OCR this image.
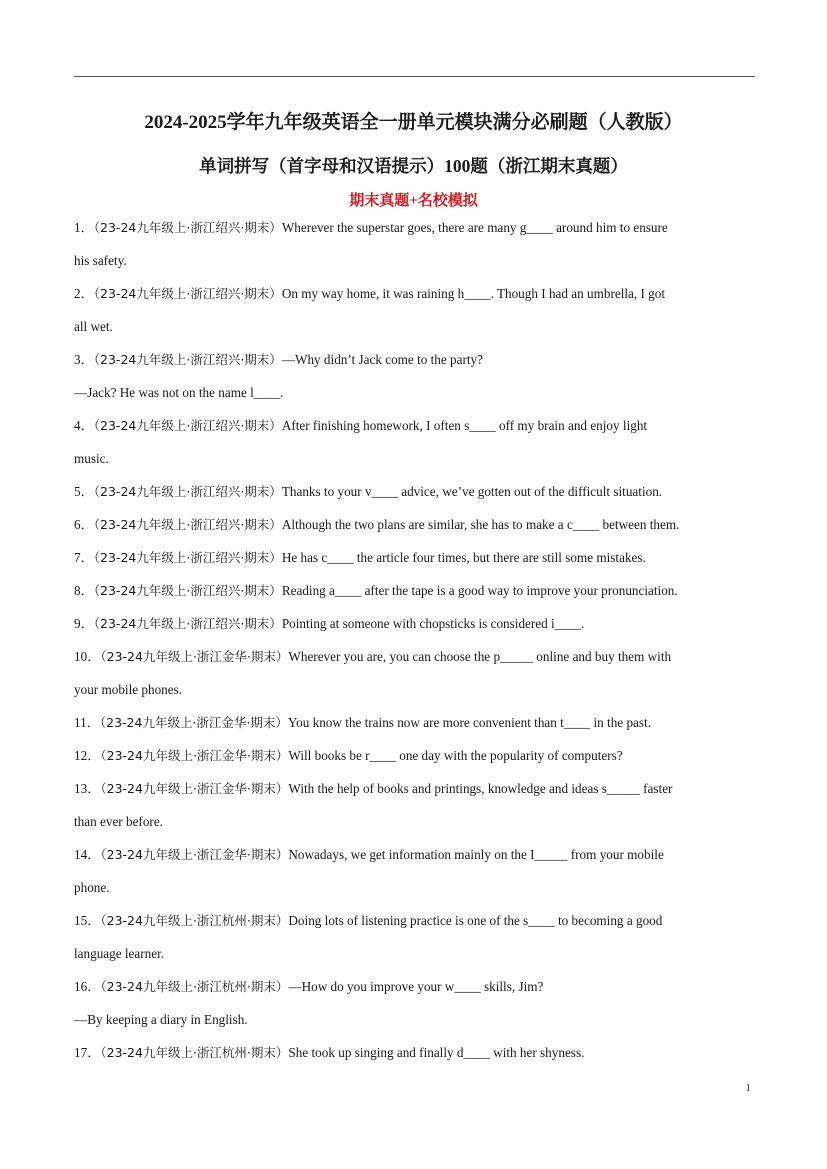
2024-2025学年九年级英语全一册单元模块满分必刷题（人教版）
单词拼写（首字母和汉语提示）100题（浙江期末真题）
期末真题+名校模拟
1．（23-24九年级上·浙江绍兴·期末）Wherever the superstar goes, there are many g____ around him to ensure
his safety.
2．（23-24九年级上·浙江绍兴·期末）On my way home, it was raining h____. Though I had an umbrella, I got
all wet.
3．（23-24九年级上·浙江绍兴·期末）—Why didn’t Jack come to the party?
—Jack? He was not on the name l____.
4．（23-24九年级上·浙江绍兴·期末）After finishing homework, I often s____ off my brain and enjoy light
music.
5．（23-24九年级上·浙江绍兴·期末）Thanks to your v____ advice, we’ve gotten out of the difficult situation.
6．（23-24九年级上·浙江绍兴·期末）Although the two plans are similar, she has to make a c____ between them.
7．（23-24九年级上·浙江绍兴·期末）He has c____ the article four times, but there are still some mistakes.
8．（23-24九年级上·浙江绍兴·期末）Reading a____ after the tape is a good way to improve your pronunciation.
9．（23-24九年级上·浙江绍兴·期末）Pointing at someone with chopsticks is considered i____.
10．（23-24九年级上·浙江金华·期末）Wherever you are, you can choose the p_____ online and buy them with
your mobile phones.
11．（23-24九年级上·浙江金华·期末）You know the trains now are more convenient than t____ in the past.
12．（23-24九年级上·浙江金华·期末）Will books be r____ one day with the popularity of computers?
13．（23-24九年级上·浙江金华·期末）With the help of books and printings, knowledge and ideas s_____ faster
than ever before.
14．（23-24九年级上·浙江金华·期末）Nowadays, we get information mainly on the I_____ from your mobile
phone.
15．（23-24九年级上·浙江杭州·期末）Doing lots of listening practice is one of the s____ to becoming a good
language learner.
16．（23-24九年级上·浙江杭州·期末）—How do you improve your w____ skills, Jim?
—By keeping a diary in English.
17．（23-24九年级上·浙江杭州·期末）She took up singing and finally d____ with her shyness.
1
